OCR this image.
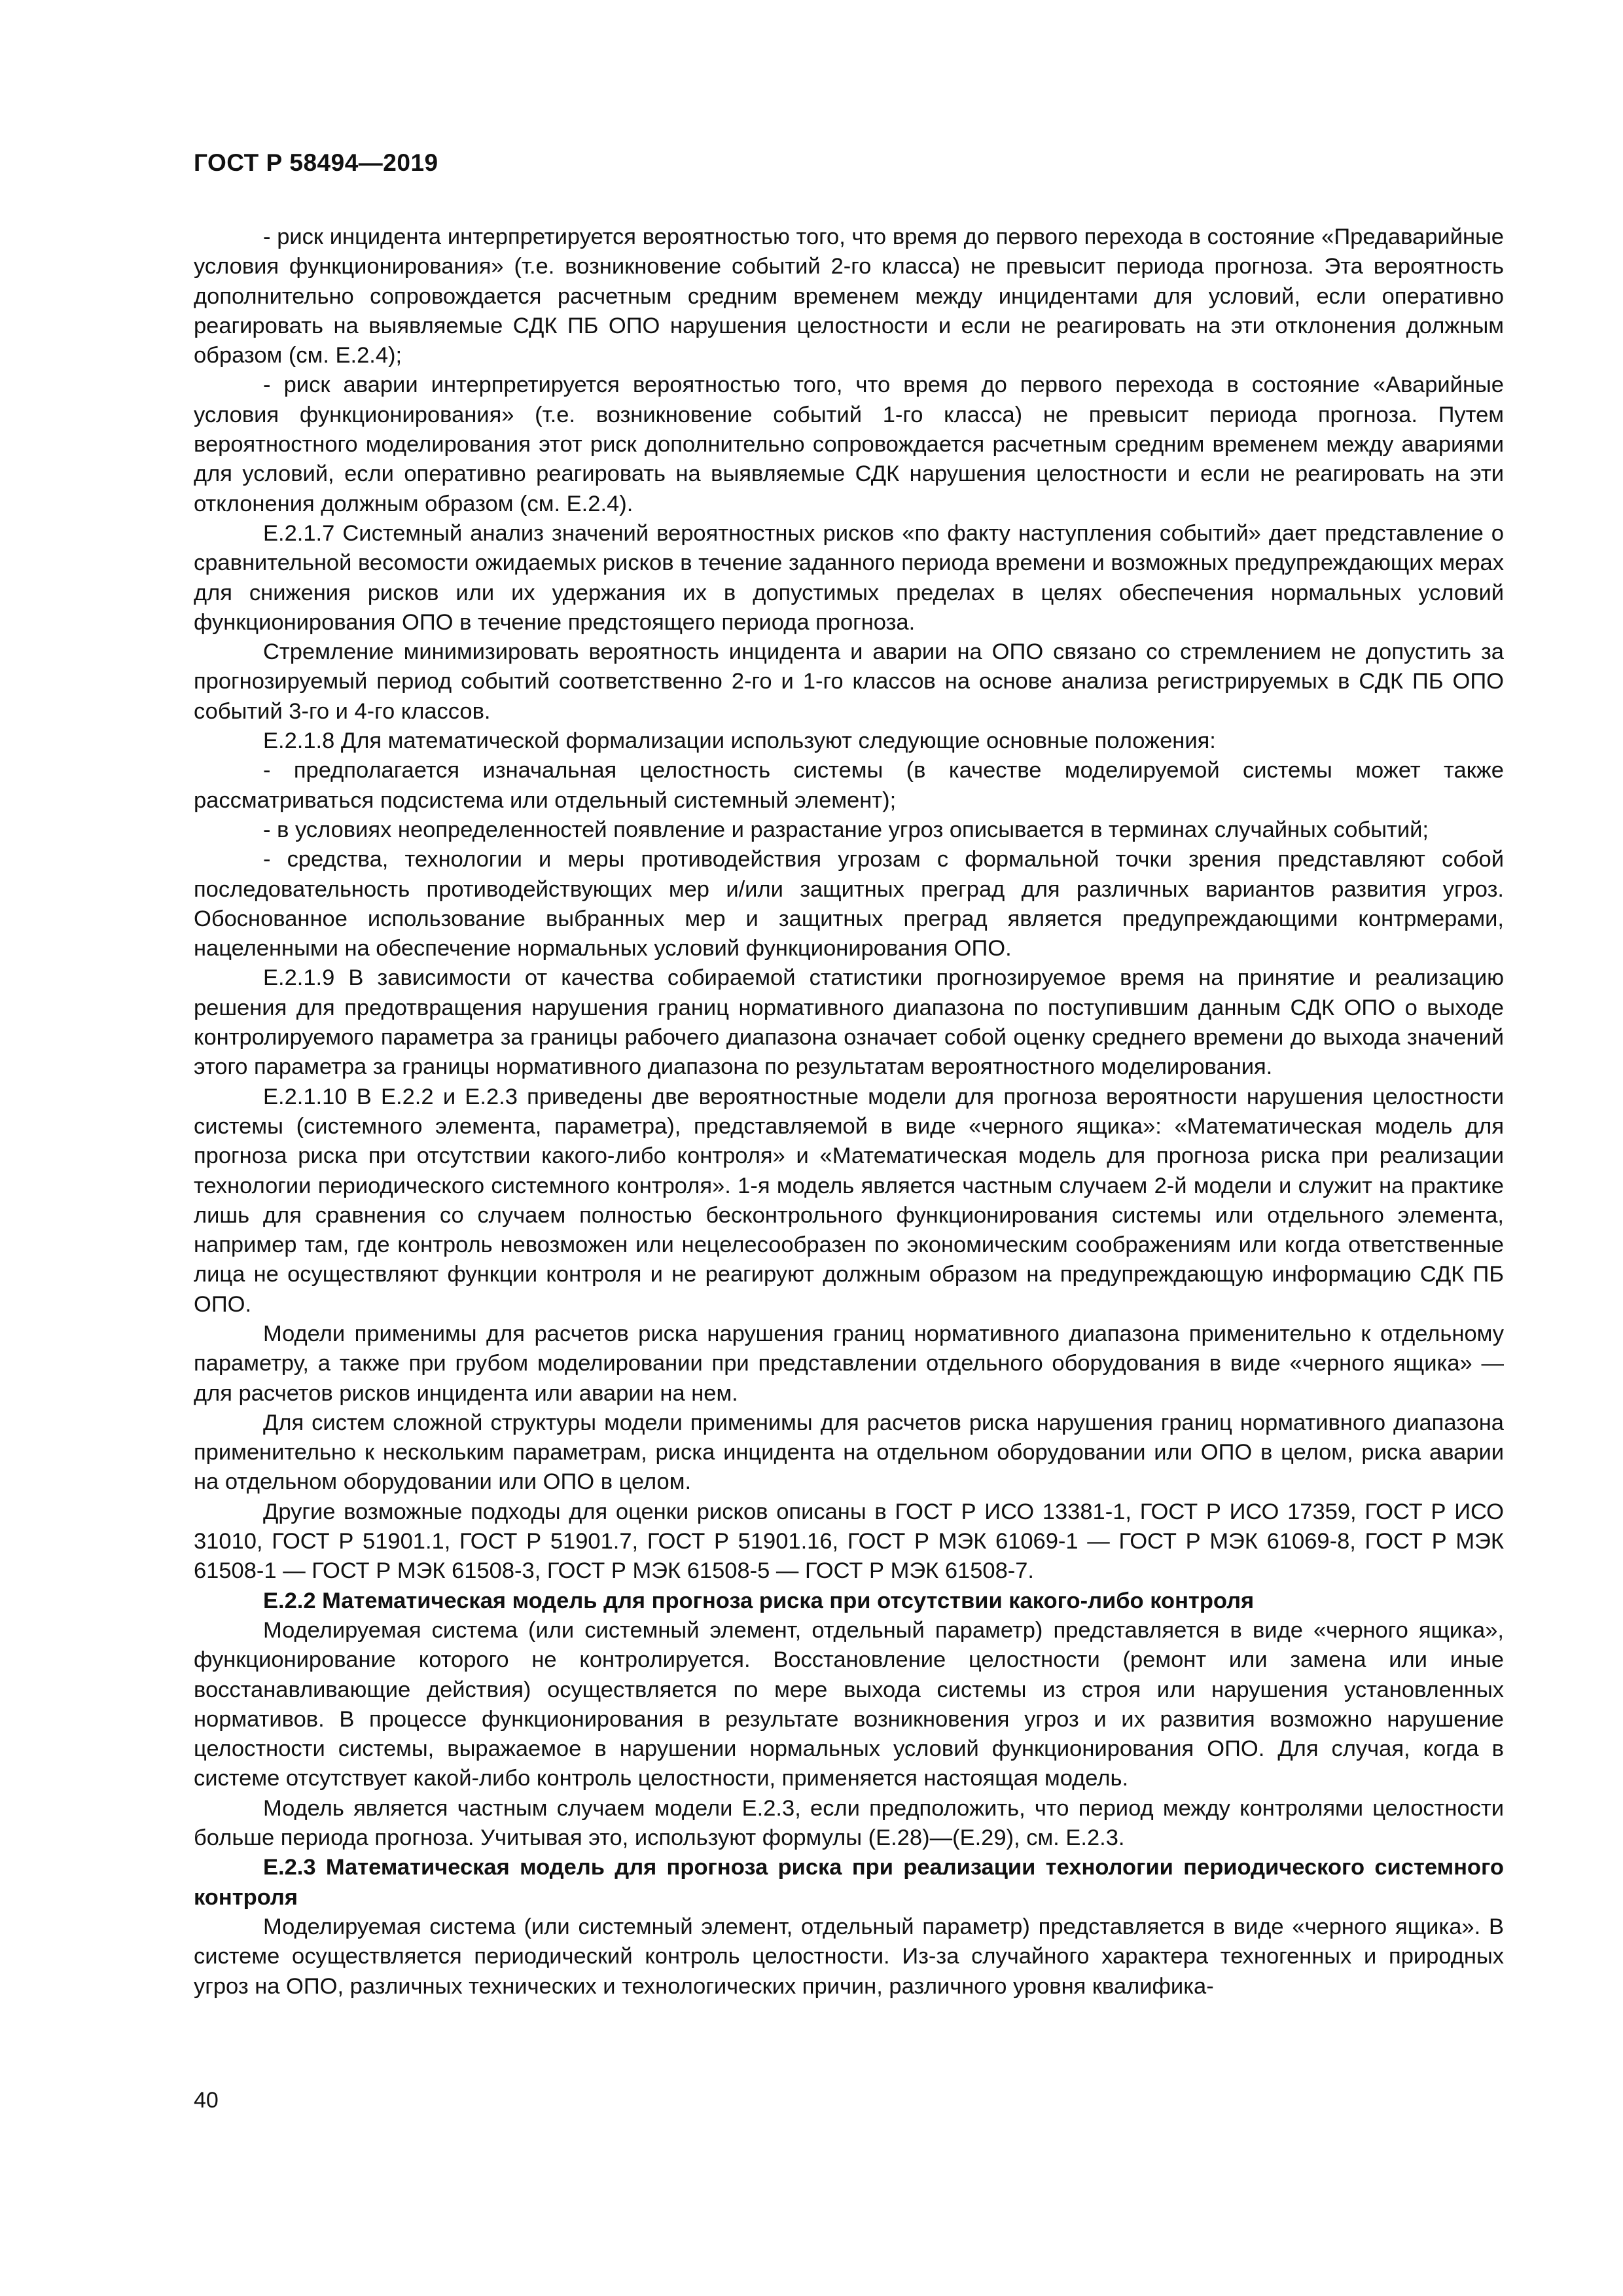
ГОСТ Р 58494—2019

- риск инцидента интерпретируется вероятностью того, что время до первого перехода в состояние «Предаварийные условия функционирования» (т.е. возникновение событий 2-го класса) не превысит периода прогноза. Эта вероятность дополнительно сопровождается расчетным средним временем между инцидентами для условий, если оперативно реагировать на выявляемые СДК ПБ ОПО нарушения целостности и если не реагировать на эти отклонения должным образом (см. Е.2.4);

- риск аварии интерпретируется вероятностью того, что время до первого перехода в состояние «Аварийные условия функционирования» (т.е. возникновение событий 1-го класса) не превысит периода прогноза. Путем вероятностного моделирования этот риск дополнительно сопровождается расчетным средним временем между авариями для условий, если оперативно реагировать на выявляемые СДК нарушения целостности и если не реагировать на эти отклонения должным образом (см. Е.2.4).

Е.2.1.7 Системный анализ значений вероятностных рисков «по факту наступления событий» дает представление о сравнительной весомости ожидаемых рисков в течение заданного периода времени и возможных предупреждающих мерах для снижения рисков или их удержания их в допустимых пределах в целях обеспечения нормальных условий функционирования ОПО в течение предстоящего периода прогноза.

Стремление минимизировать вероятность инцидента и аварии на ОПО связано со стремлением не допустить за прогнозируемый период событий соответственно 2-го и 1-го классов на основе анализа регистрируемых в СДК ПБ ОПО событий 3-го и 4-го классов.

Е.2.1.8 Для математической формализации используют следующие основные положения:

- предполагается изначальная целостность системы (в качестве моделируемой системы может также рассматриваться подсистема или отдельный системный элемент);

- в условиях неопределенностей появление и разрастание угроз описывается в терминах случайных событий;

- средства, технологии и меры противодействия угрозам с формальной точки зрения представляют собой последовательность противодействующих мер и/или защитных преград для различных вариантов развития угроз. Обоснованное использование выбранных мер и защитных преград является предупреждающими контрмерами, нацеленными на обеспечение нормальных условий функционирования ОПО.

Е.2.1.9 В зависимости от качества собираемой статистики прогнозируемое время на принятие и реализацию решения для предотвращения нарушения границ нормативного диапазона по поступившим данным СДК ОПО о выходе контролируемого параметра за границы рабочего диапазона означает собой оценку среднего времени до выхода значений этого параметра за границы нормативного диапазона по результатам вероятностного моделирования.

Е.2.1.10 В Е.2.2 и Е.2.3 приведены две вероятностные модели для прогноза вероятности нарушения целостности системы (системного элемента, параметра), представляемой в виде «черного ящика»: «Математическая модель для прогноза риска при отсутствии какого-либо контроля» и «Математическая модель для прогноза риска при реализации технологии периодического системного контроля». 1-я модель является частным случаем 2-й модели и служит на практике лишь для сравнения со случаем полностью бесконтрольного функционирования системы или отдельного элемента, например там, где контроль невозможен или нецелесообразен по экономическим соображениям или когда ответственные лица не осуществляют функции контроля и не реагируют должным образом на предупреждающую информацию СДК ПБ ОПО.

Модели применимы для расчетов риска нарушения границ нормативного диапазона применительно к отдельному параметру, а также при грубом моделировании при представлении отдельного оборудования в виде «черного ящика» — для расчетов рисков инцидента или аварии на нем.

Для систем сложной структуры модели применимы для расчетов риска нарушения границ нормативного диапазона применительно к нескольким параметрам, риска инцидента на отдельном оборудовании или ОПО в целом, риска аварии на отдельном оборудовании или ОПО в целом.

Другие возможные подходы для оценки рисков описаны в ГОСТ Р ИСО 13381-1, ГОСТ Р ИСО 17359, ГОСТ Р ИСО 31010, ГОСТ Р 51901.1, ГОСТ Р 51901.7, ГОСТ Р 51901.16, ГОСТ Р МЭК 61069-1 — ГОСТ Р МЭК 61069-8, ГОСТ Р МЭК 61508-1 — ГОСТ Р МЭК 61508-3, ГОСТ Р МЭК 61508-5 — ГОСТ Р МЭК 61508-7.

Е.2.2 Математическая модель для прогноза риска при отсутствии какого-либо контроля

Моделируемая система (или системный элемент, отдельный параметр) представляется в виде «черного ящика», функционирование которого не контролируется. Восстановление целостности (ремонт или замена или иные восстанавливающие действия) осуществляется по мере выхода системы из строя или нарушения установленных нормативов. В процессе функционирования в результате возникновения угроз и их развития возможно нарушение целостности системы, выражаемое в нарушении нормальных условий функционирования ОПО. Для случая, когда в системе отсутствует какой-либо контроль целостности, применяется настоящая модель.

Модель является частным случаем модели Е.2.3, если предположить, что период между контролями целостности больше периода прогноза. Учитывая это, используют формулы (Е.28)—(Е.29), см. Е.2.3.

Е.2.3 Математическая модель для прогноза риска при реализации технологии периодического системного контроля

Моделируемая система (или системный элемент, отдельный параметр) представляется в виде «черного ящика». В системе осуществляется периодический контроль целостности. Из-за случайного характера техногенных и природных угроз на ОПО, различных технических и технологических причин, различного уровня квалифика-

40
